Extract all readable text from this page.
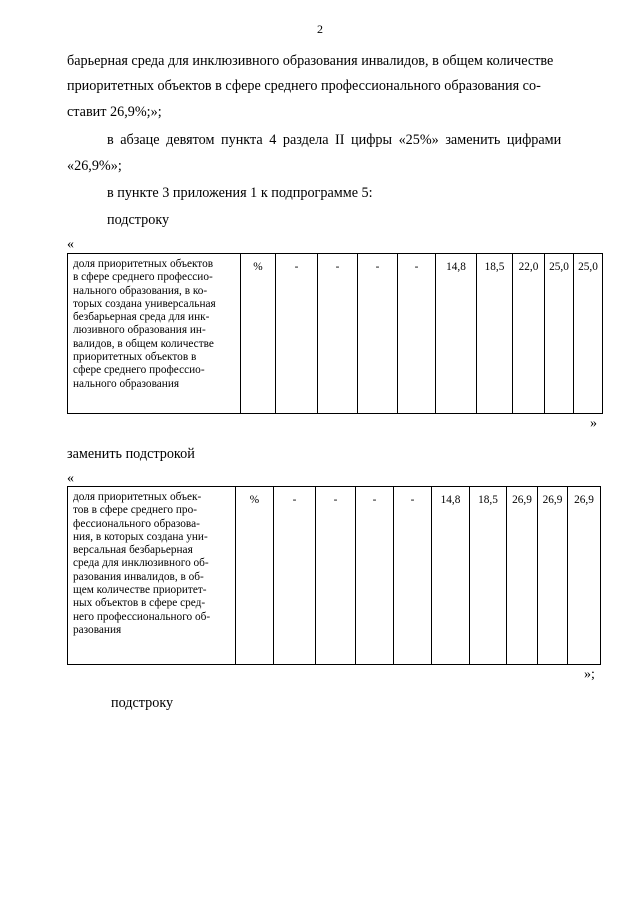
2
барьерная среда для инклюзивного образования инвалидов, в общем количестве
приоритетных объектов в сфере среднего профессионального образования со-
ставит 26,9%;»;
в абзаце девятом пункта 4 раздела II цифры «25%» заменить цифрами
«26,9%»;
в пункте 3 приложения 1 к подпрограмме 5:
подстроку
«
доля приоритетных объектов
в сфере среднего профессио-
нального образования, в ко-
торых создана универсальная
безбарьерная среда для инк-
люзивного образования ин-
валидов, в общем количестве
приоритетных объектов в
сфере среднего профессио-
нального образования

%	-	-	-	-	14,8	18,5	22,0	25,0	25,0
»
заменить подстрокой
«
доля приоритетных объек-
тов в сфере среднего про-
фессионального образова-
ния, в которых создана уни-
версальная безбарьерная
среда для инклюзивного об-
разования инвалидов, в об-
щем количестве приоритет-
ных объектов в сфере сред-
него профессионального об-
разования

%	-	-	-	-	14,8	18,5	26,9	26,9	26,9
»;
подстроку
